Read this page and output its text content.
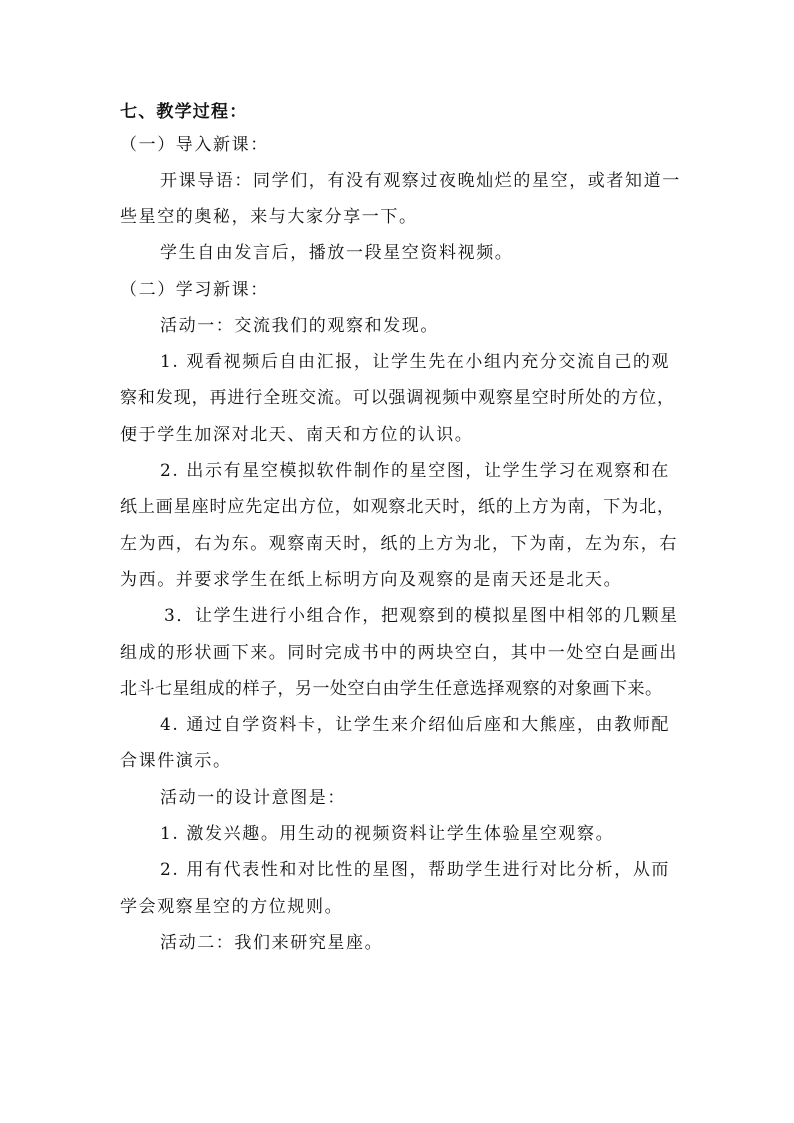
七、教学过程：
（一）导入新课：
开课导语：同学们，有没有观察过夜晚灿烂的星空，或者知道一
些星空的奥秘，来与大家分享一下。
学生自由发言后，播放一段星空资料视频。
（二）学习新课：
活动一：交流我们的观察和发现。
1. 观看视频后自由汇报，让学生先在小组内充分交流自己的观
察和发现，再进行全班交流。可以强调视频中观察星空时所处的方位，
便于学生加深对北天、南天和方位的认识。
2. 出示有星空模拟软件制作的星空图，让学生学习在观察和在
纸上画星座时应先定出方位，如观察北天时，纸的上方为南，下为北，
左为西，右为东。观察南天时，纸的上方为北，下为南，左为东，右
为西。并要求学生在纸上标明方向及观察的是南天还是北天。
3．让学生进行小组合作，把观察到的模拟星图中相邻的几颗星
组成的形状画下来。同时完成书中的两块空白，其中一处空白是画出
北斗七星组成的样子，另一处空白由学生任意选择观察的对象画下来。
4. 通过自学资料卡，让学生来介绍仙后座和大熊座，由教师配
合课件演示。
活动一的设计意图是：
1. 激发兴趣。用生动的视频资料让学生体验星空观察。
2. 用有代表性和对比性的星图，帮助学生进行对比分析，从而
学会观察星空的方位规则。
活动二：我们来研究星座。
